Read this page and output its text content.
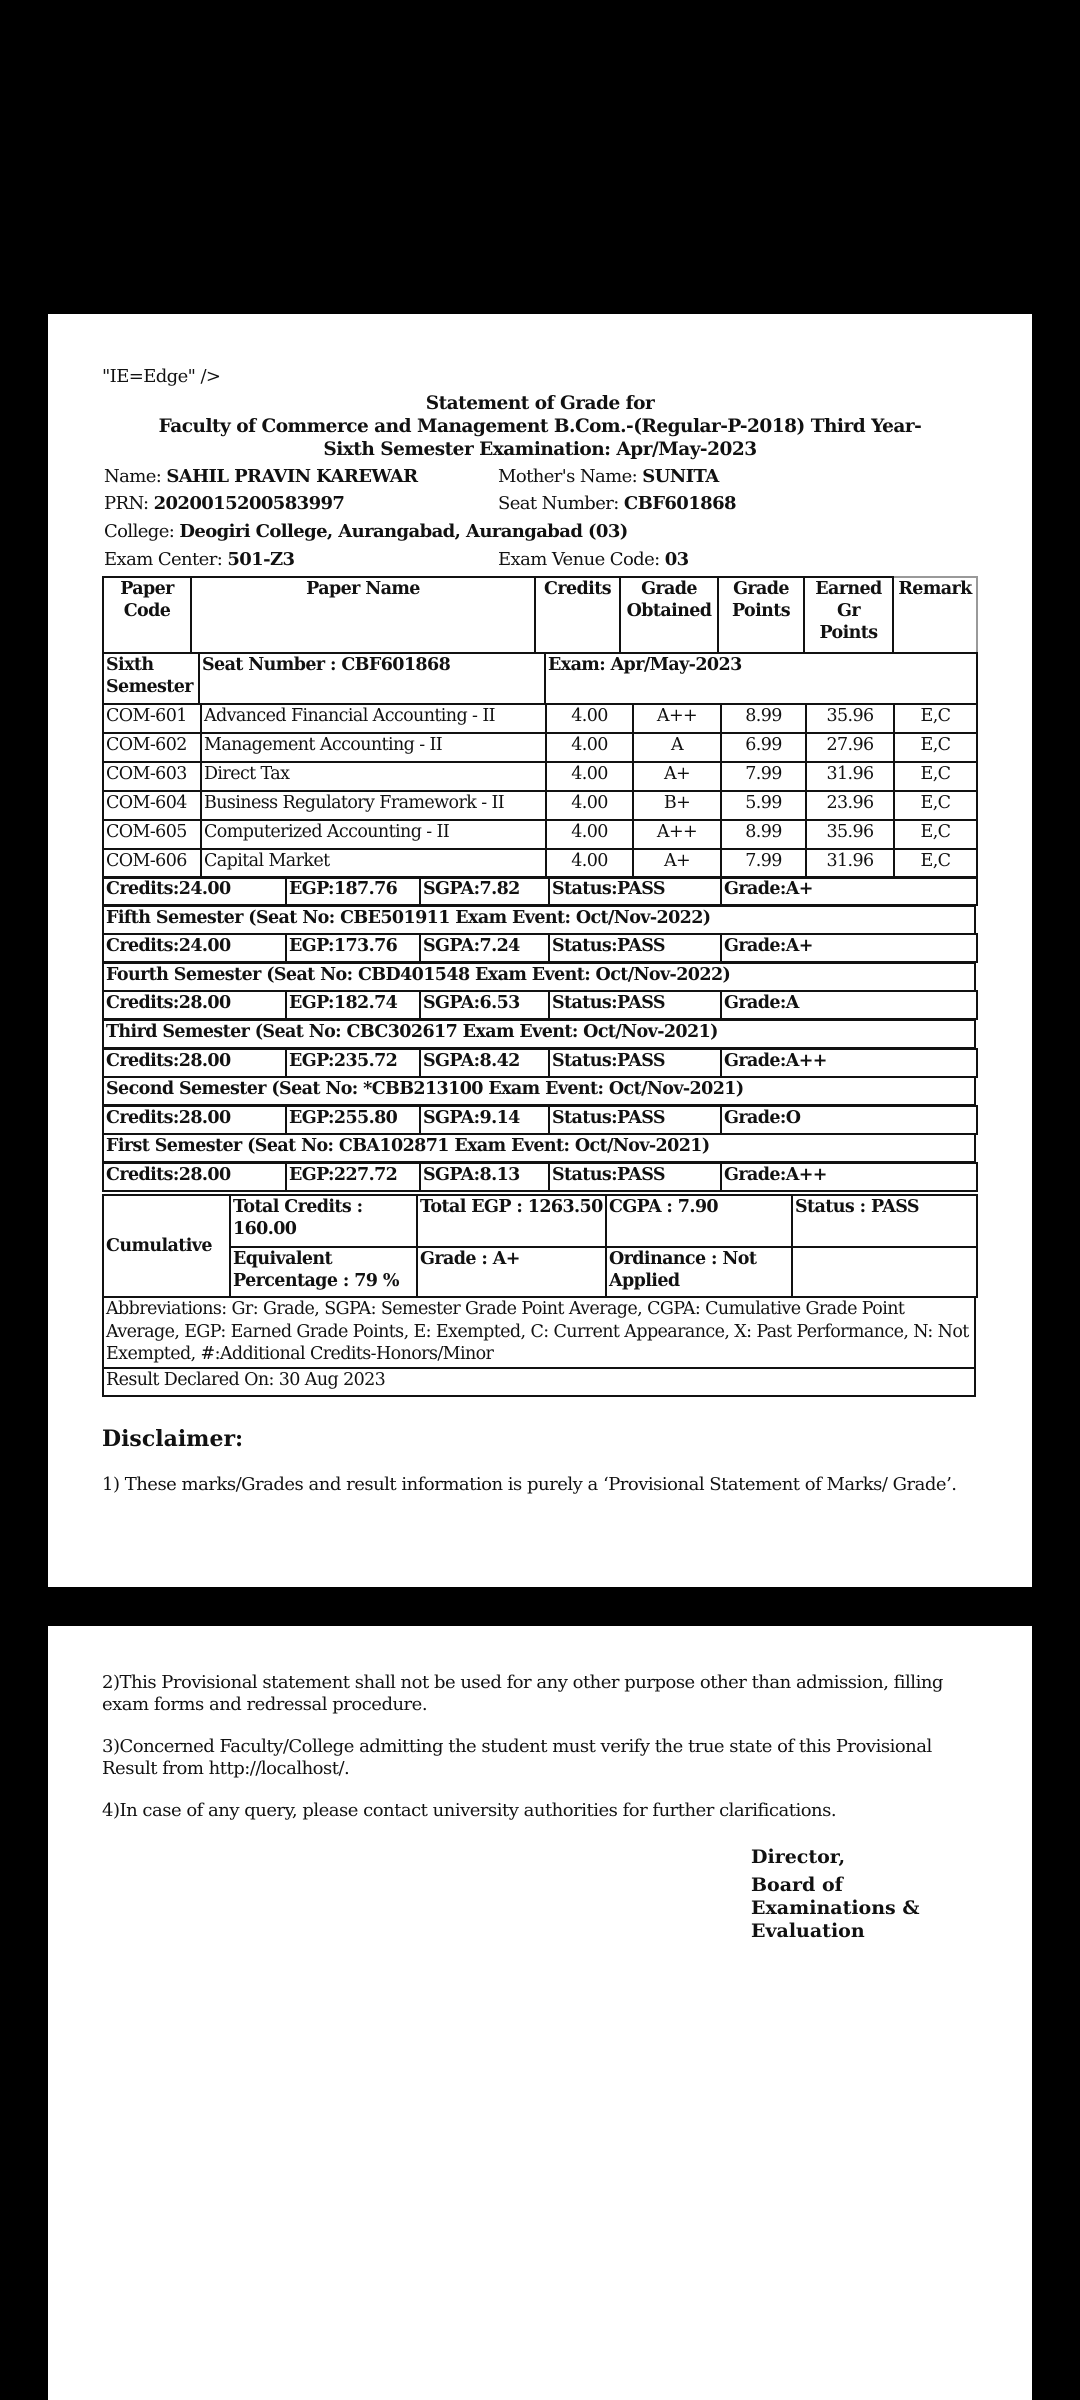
"IE=Edge" />
Statement of Grade for
Faculty of Commerce and Management B.Com.-(Regular-P-2018) Third Year-
Sixth Semester Examination: Apr/May-2023
Name: SAHIL PRAVIN KAREWAR	Mother's Name: SUNITA
PRN: 2020015200583997	Seat Number: CBF601868
College: Deogiri College, Aurangabad, Aurangabad (03)
Exam Center: 501-Z3	Exam Venue Code: 03
Paper Code	Paper Name	Credits	Grade Obtained	Grade Points	Earned Gr Points	Remark
Sixth Semester	Seat Number : CBF601868	Exam: Apr/May-2023
COM-601	Advanced Financial Accounting - II	4.00	A++	8.99	35.96	E,C
COM-602	Management Accounting - II	4.00	A	6.99	27.96	E,C
COM-603	Direct Tax	4.00	A+	7.99	31.96	E,C
COM-604	Business Regulatory Framework - II	4.00	B+	5.99	23.96	E,C
COM-605	Computerized Accounting - II	4.00	A++	8.99	35.96	E,C
COM-606	Capital Market	4.00	A+	7.99	31.96	E,C
Credits:24.00	EGP:187.76	SGPA:7.82	Status:PASS	Grade:A+
Fifth Semester (Seat No: CBE501911 Exam Event: Oct/Nov-2022)
Credits:24.00	EGP:173.76	SGPA:7.24	Status:PASS	Grade:A+
Fourth Semester (Seat No: CBD401548 Exam Event: Oct/Nov-2022)
Credits:28.00	EGP:182.74	SGPA:6.53	Status:PASS	Grade:A
Third Semester (Seat No: CBC302617 Exam Event: Oct/Nov-2021)
Credits:28.00	EGP:235.72	SGPA:8.42	Status:PASS	Grade:A++
Second Semester (Seat No: *CBB213100 Exam Event: Oct/Nov-2021)
Credits:28.00	EGP:255.80	SGPA:9.14	Status:PASS	Grade:O
First Semester (Seat No: CBA102871 Exam Event: Oct/Nov-2021)
Credits:28.00	EGP:227.72	SGPA:8.13	Status:PASS	Grade:A++
Cumulative	Total Credits : 160.00	Total EGP : 1263.50	CGPA : 7.90	Status : PASS
	Equivalent Percentage : 79 %	Grade : A+	Ordinance : Not Applied	
Abbreviations: Gr: Grade, SGPA: Semester Grade Point Average, CGPA: Cumulative Grade Point Average, EGP: Earned Grade Points, E: Exempted, C: Current Appearance, X: Past Performance, N: Not Exempted, #:Additional Credits-Honors/Minor
Result Declared On: 30 Aug 2023
Disclaimer:
1) These marks/Grades and result information is purely a ‘Provisional Statement of Marks/ Grade’.
2)This Provisional statement shall not be used for any other purpose other than admission, filling exam forms and redressal procedure.
3)Concerned Faculty/College admitting the student must verify the true state of this Provisional Result from http://localhost/.
4)In case of any query, please contact university authorities for further clarifications.
Director,
Board of Examinations & Evaluation
